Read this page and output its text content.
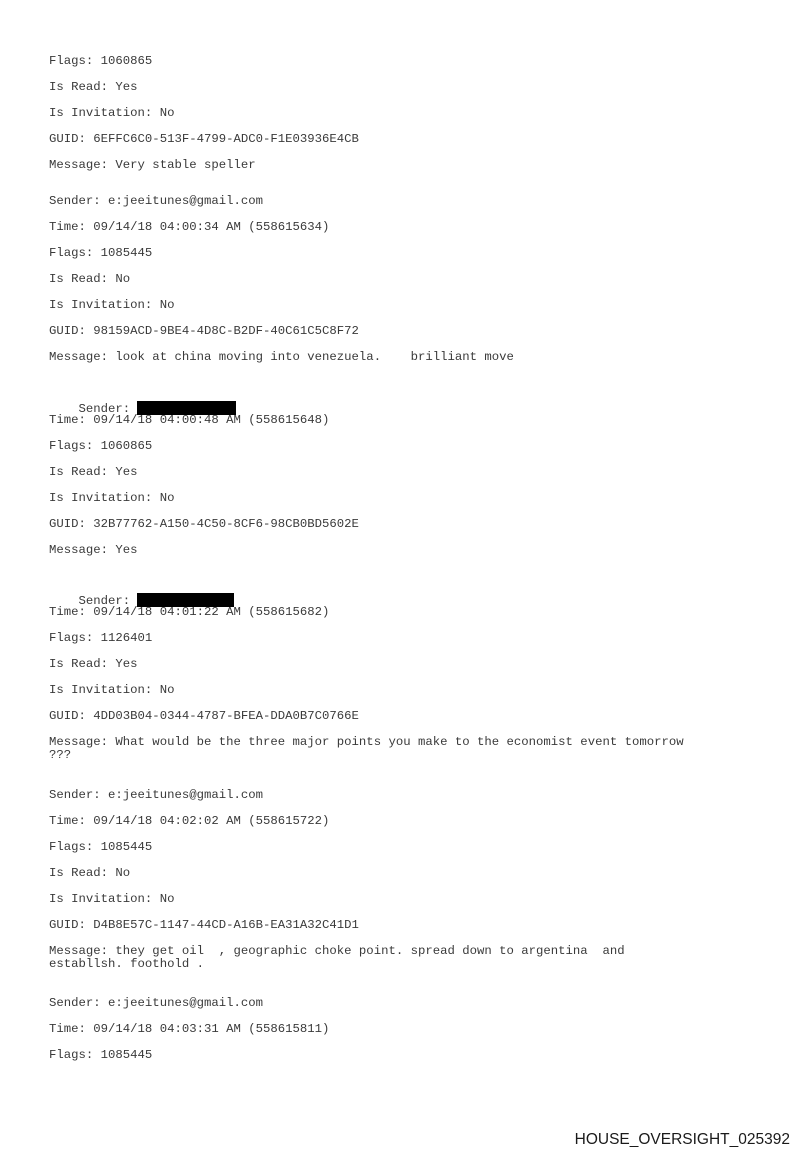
Flags: 1060865

Is Read: Yes

Is Invitation: No

GUID: 6EFFC6C0-513F-4799-ADC0-F1E03936E4CB

Message: Very stable speller

Sender: e:jeeitunes@gmail.com

Time: 09/14/18 04:00:34 AM (558615634)

Flags: 1085445

Is Read: No

Is Invitation: No

GUID: 98159ACD-9BE4-4D8C-B2DF-40C61C5C8F72

Message: look at china moving into venezuela.    brilliant move

Sender:

Time: 09/14/18 04:00:48 AM (558615648)

Flags: 1060865

Is Read: Yes

Is Invitation: No

GUID: 32B77762-A150-4C50-8CF6-98CB0BD5602E

Message: Yes

Sender:

Time: 09/14/18 04:01:22 AM (558615682)

Flags: 1126401

Is Read: Yes

Is Invitation: No

GUID: 4DD03B04-0344-4787-BFEA-DDA0B7C0766E

Message: What would be the three major points you make to the economist event tomorrow
???

Sender: e:jeeitunes@gmail.com

Time: 09/14/18 04:02:02 AM (558615722)

Flags: 1085445

Is Read: No

Is Invitation: No

GUID: D4B8E57C-1147-44CD-A16B-EA31A32C41D1

Message: they get oil  , geographic choke point. spread down to argentina  and
establlsh. foothold .

Sender: e:jeeitunes@gmail.com

Time: 09/14/18 04:03:31 AM (558615811)

Flags: 1085445

HOUSE_OVERSIGHT_025392
